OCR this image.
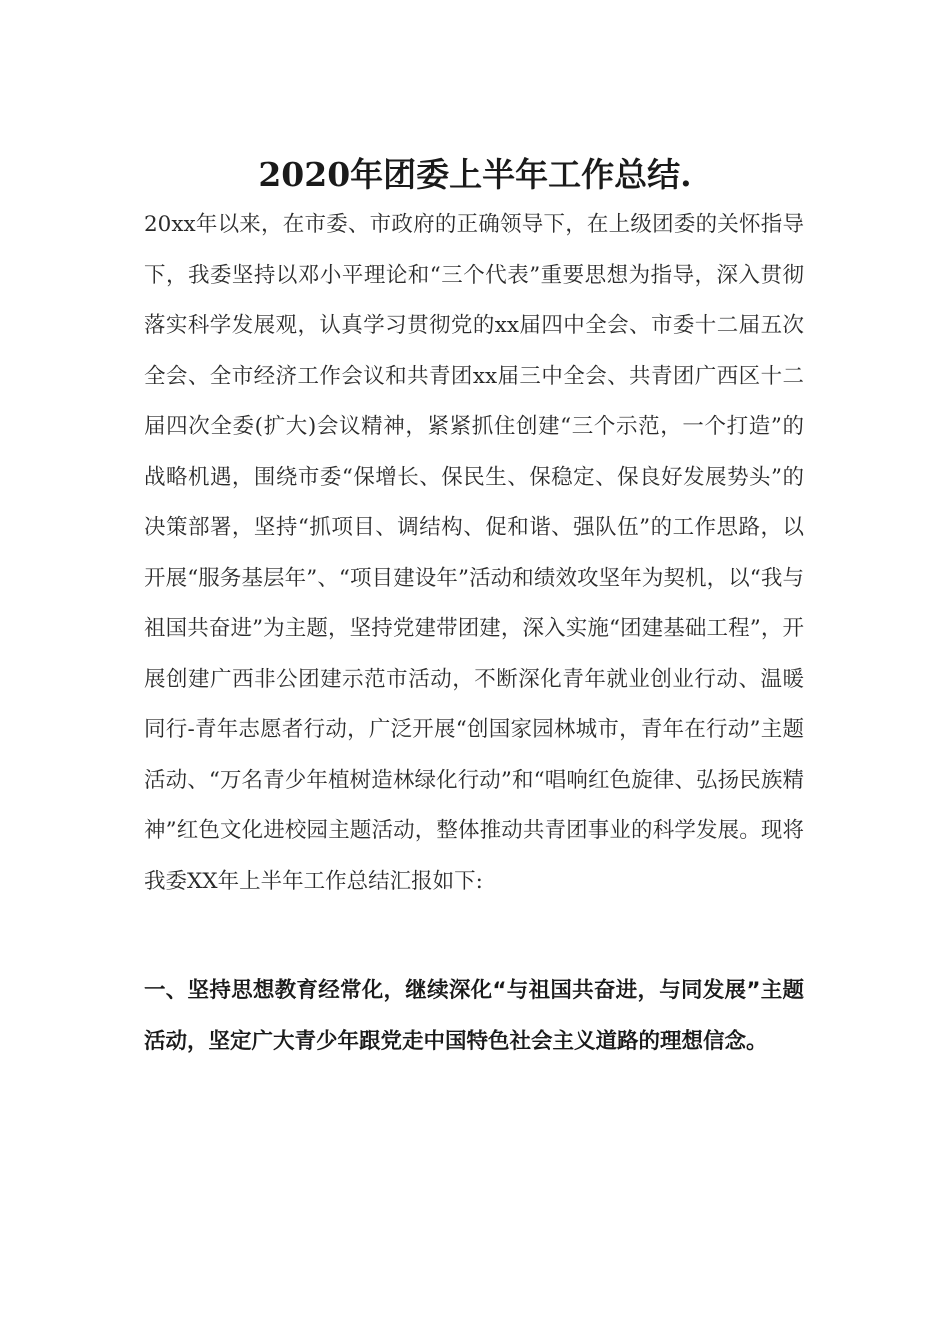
2020年团委上半年工作总结.

20xx年以来，在市委、市政府的正确领导下，在上级团委的关怀指导下，我委坚持以邓小平理论和“三个代表”重要思想为指导，深入贯彻落实科学发展观，认真学习贯彻党的xx届四中全会、市委十二届五次全会、全市经济工作会议和共青团xx届三中全会、共青团广西区十二届四次全委(扩大)会议精神，紧紧抓住创建“三个示范，一个打造”的战略机遇，围绕市委“保增长、保民生、保稳定、保良好发展势头”的决策部署，坚持“抓项目、调结构、促和谐、强队伍”的工作思路，以开展“服务基层年”、“项目建设年”活动和绩效攻坚年为契机，以“我与祖国共奋进”为主题，坚持党建带团建，深入实施“团建基础工程”，开展创建广西非公团建示范市活动，不断深化青年就业创业行动、温暖同行-青年志愿者行动，广泛开展“创国家园林城市，青年在行动”主题活动、“万名青少年植树造林绿化行动”和“唱响红色旋律、弘扬民族精神”红色文化进校园主题活动，整体推动共青团事业的科学发展。现将我委XX年上半年工作总结汇报如下:

一、坚持思想教育经常化，继续深化“与祖国共奋进，与同发展”主题活动，坚定广大青少年跟党走中国特色社会主义道路的理想信念。
